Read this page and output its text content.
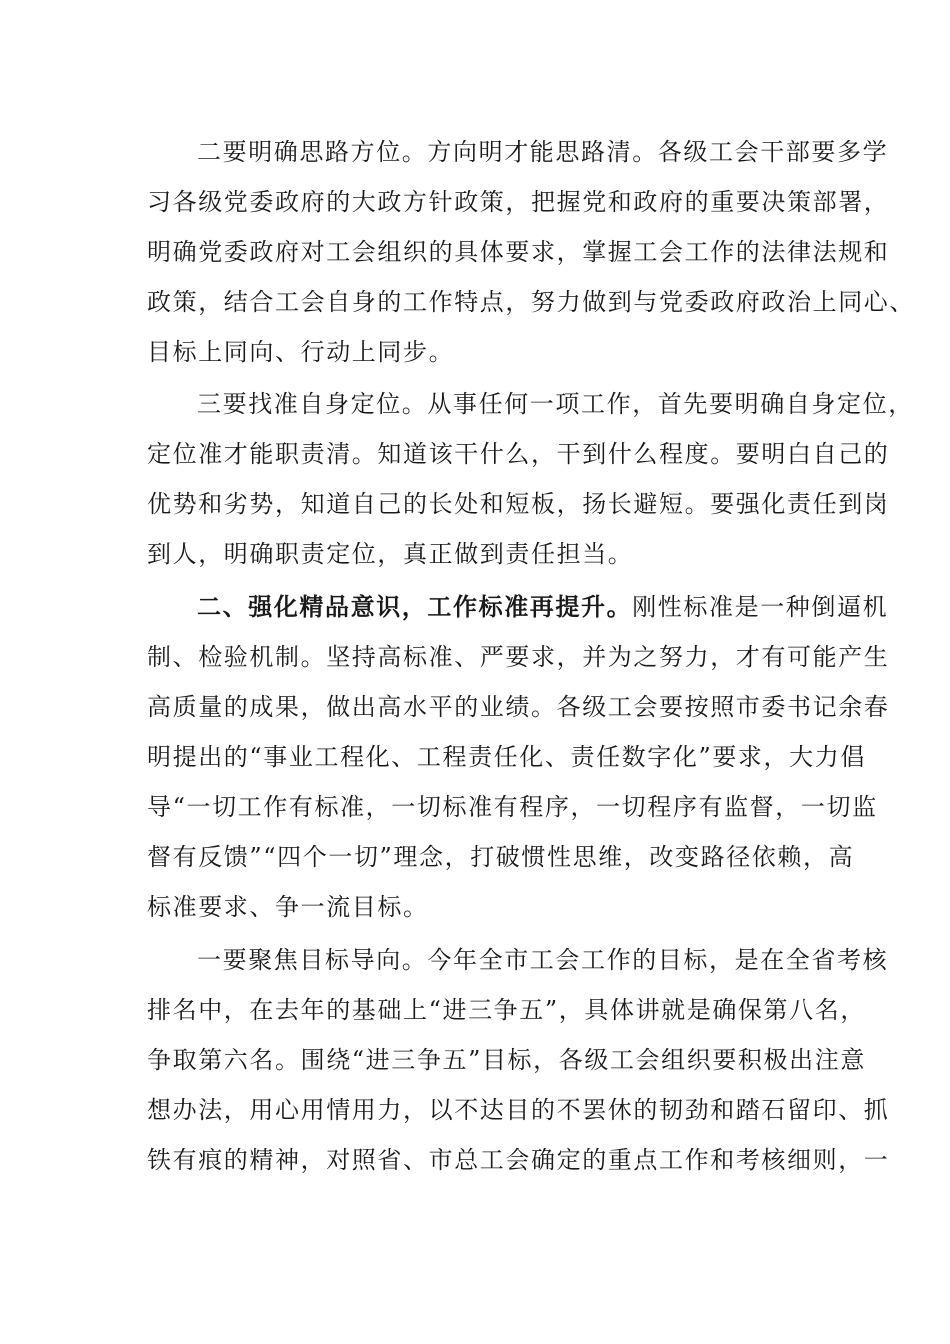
二要明确思路方位。方向明才能思路清。各级工会干部要多学
习各级党委政府的大政方针政策，把握党和政府的重要决策部署，
明确党委政府对工会组织的具体要求，掌握工会工作的法律法规和
政策，结合工会自身的工作特点，努力做到与党委政府政治上同心、
目标上同向、行动上同步。
三要找准自身定位。从事任何一项工作，首先要明确自身定位，
定位准才能职责清。知道该干什么，干到什么程度。要明白自己的
优势和劣势，知道自己的长处和短板，扬长避短。要强化责任到岗
到人，明确职责定位，真正做到责任担当。
二、强化精品意识，工作标准再提升。刚性标准是一种倒逼机
制、检验机制。坚持高标准、严要求，并为之努力，才有可能产生
高质量的成果，做出高水平的业绩。各级工会要按照市委书记余春
明提出的“事业工程化、工程责任化、责任数字化”要求，大力倡
导“一切工作有标准，一切标准有程序，一切程序有监督，一切监
督有反馈”“四个一切”理念，打破惯性思维，改变路径依赖，高
标准要求、争一流目标。
一要聚焦目标导向。今年全市工会工作的目标，是在全省考核
排名中，在去年的基础上“进三争五”，具体讲就是确保第八名，
争取第六名。围绕“进三争五”目标，各级工会组织要积极出注意
想办法，用心用情用力，以不达目的不罢休的韧劲和踏石留印、抓
铁有痕的精神，对照省、市总工会确定的重点工作和考核细则，一
